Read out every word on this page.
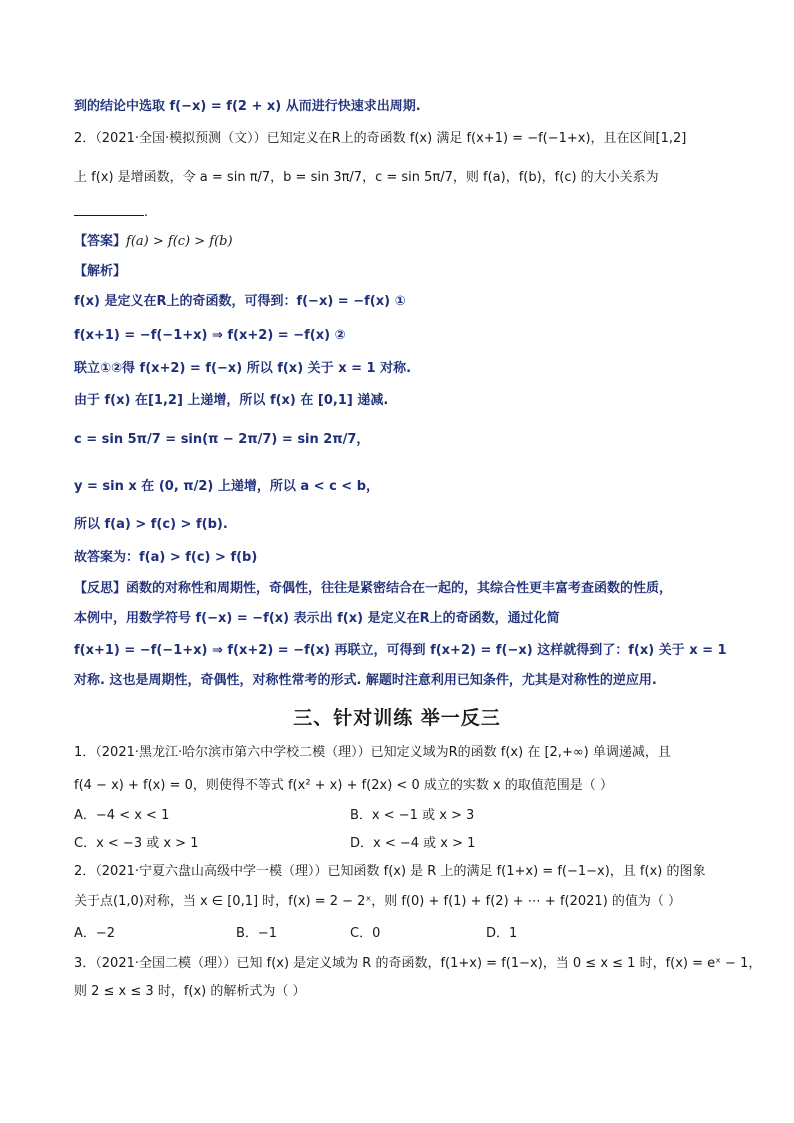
到的结论中选取 f(−x) = f(2 + x) 从而进行快速求出周期.
2．（2021·全国·模拟预测（文））已知定义在R上的奇函数 f(x) 满足 f(x+1) = −f(−1+x)，且在区间[1,2]
上 f(x) 是增函数，令 a = sin π/7，b = sin 3π/7，c = sin 5π/7，则 f(a)，f(b)，f(c) 的大小关系为
.
【答案】f(a) > f(c) > f(b)
【解析】
f(x) 是定义在R上的奇函数，可得到：f(−x) = −f(x) ①
f(x+1) = −f(−1+x) ⇒ f(x+2) = −f(x) ②
联立①②得 f(x+2) = f(−x) 所以 f(x) 关于 x = 1 对称.
由于 f(x) 在[1,2] 上递增，所以 f(x) 在 [0,1] 递减.
c = sin 5π/7 = sin(π − 2π/7) = sin 2π/7，
y = sin x 在 (0, π/2) 上递增，所以 a < c < b，
所以 f(a) > f(c) > f(b).
故答案为：f(a) > f(c) > f(b)
【反思】函数的对称性和周期性，奇偶性，往往是紧密结合在一起的，其综合性更丰富考查函数的性质，
本例中，用数学符号 f(−x) = −f(x) 表示出 f(x) 是定义在R上的奇函数，通过化简
f(x+1) = −f(−1+x) ⇒ f(x+2) = −f(x) 再联立，可得到 f(x+2) = f(−x) 这样就得到了：f(x) 关于 x = 1
对称. 这也是周期性，奇偶性，对称性常考的形式. 解题时注意利用已知条件，尤其是对称性的逆应用.
三、针对训练 举一反三
1．（2021·黑龙江·哈尔滨市第六中学校二模（理））已知定义域为R的函数 f(x) 在 [2,+∞) 单调递减，且
f(4 − x) + f(x) = 0，则使得不等式 f(x² + x) + f(2x) < 0 成立的实数 x 的取值范围是（ ）
A．−4 < x < 1	B．x < −1 或 x > 3
C．x < −3 或 x > 1	D．x < −4 或 x > 1
2．（2021·宁夏六盘山高级中学一模（理））已知函数 f(x) 是 R 上的满足 f(1+x) = f(−1−x)，且 f(x) 的图象
关于点(1,0)对称，当 x ∈ [0,1] 时，f(x) = 2 − 2ˣ，则 f(0) + f(1) + f(2) + ⋯ + f(2021) 的值为（ ）
A．−2	B．−1	C．0	D．1
3．（2021·全国二模（理））已知 f(x) 是定义域为 R 的奇函数，f(1+x) = f(1−x)，当 0 ≤ x ≤ 1 时，f(x) = eˣ − 1，
则 2 ≤ x ≤ 3 时，f(x) 的解析式为（ ）
